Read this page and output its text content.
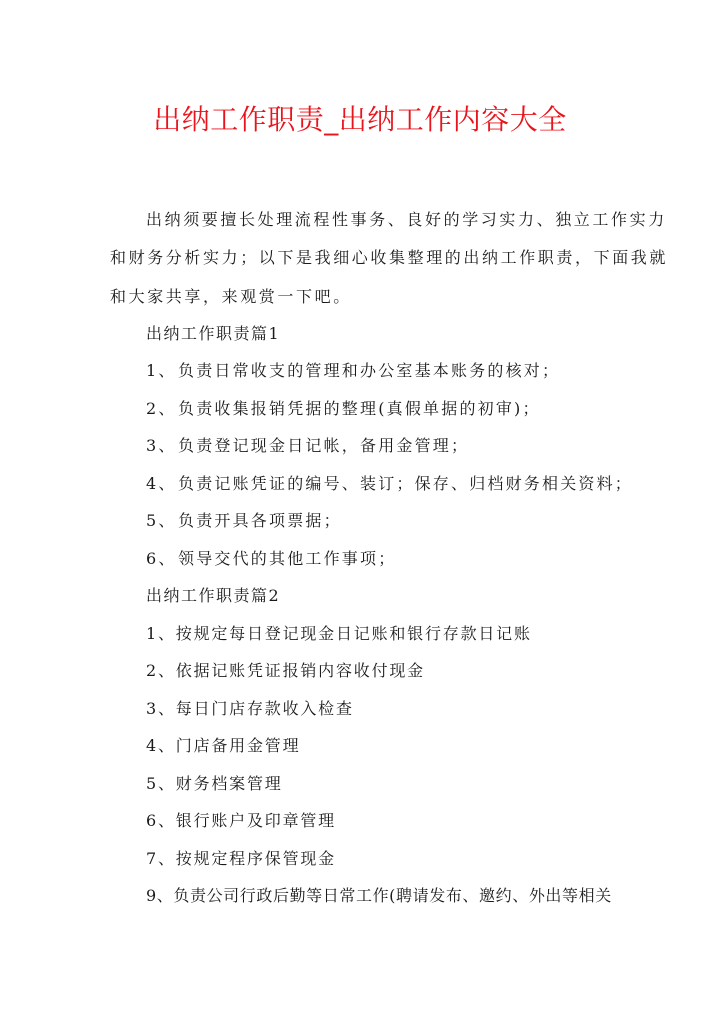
出纳工作职责_出纳工作内容大全
出纳须要擅长处理流程性事务、良好的学习实力、独立工作实力
和财务分析实力；以下是我细心收集整理的出纳工作职责，下面我就
和大家共享，来观赏一下吧。
出纳工作职责篇1
1、负责日常收支的管理和办公室基本账务的核对；
2、负责收集报销凭据的整理(真假单据的初审)；
3、负责登记现金日记帐，备用金管理；
4、负责记账凭证的编号、装订；保存、归档财务相关资料；
5、负责开具各项票据；
6、领导交代的其他工作事项；
出纳工作职责篇2
1、按规定每日登记现金日记账和银行存款日记账
2、依据记账凭证报销内容收付现金
3、每日门店存款收入检查
4、门店备用金管理
5、财务档案管理
6、银行账户及印章管理
7、按规定程序保管现金
9、负责公司行政后勤等日常工作(聘请发布、邀约、外出等相关
